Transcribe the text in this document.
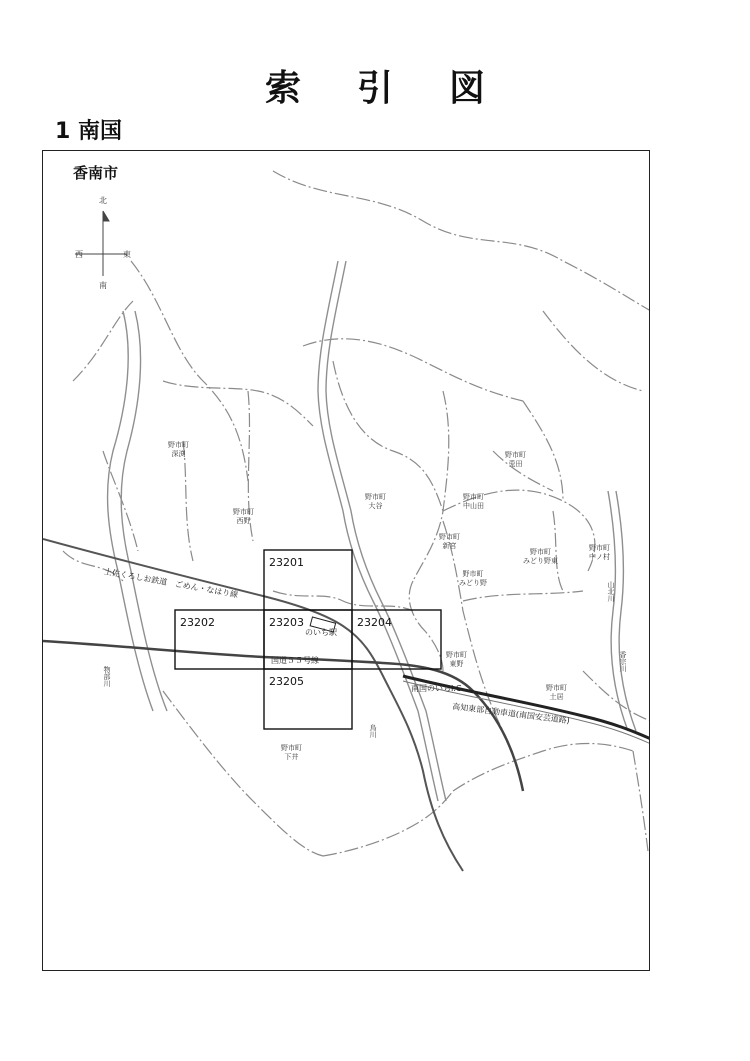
索 引 図
1 南国
香南市
北
南
東
西
野市町
深渕
野市町
西野
野市町
大谷
野市町
兎田
野市町
中山田
野市町
新宮
野市町
みどり野
野市町
みどり野東
野市町
中ノ村
野市町
東野
野市町
土居
野市町
下井
土佐くろしお鉄道　ごめん・なはり線
国道５５号線
のいち駅
南国のいちI.C
高知東部自動車道(南国安芸道路)
物部川
烏川
山北川
香宗川
23201
23202	23203	23204
23205
